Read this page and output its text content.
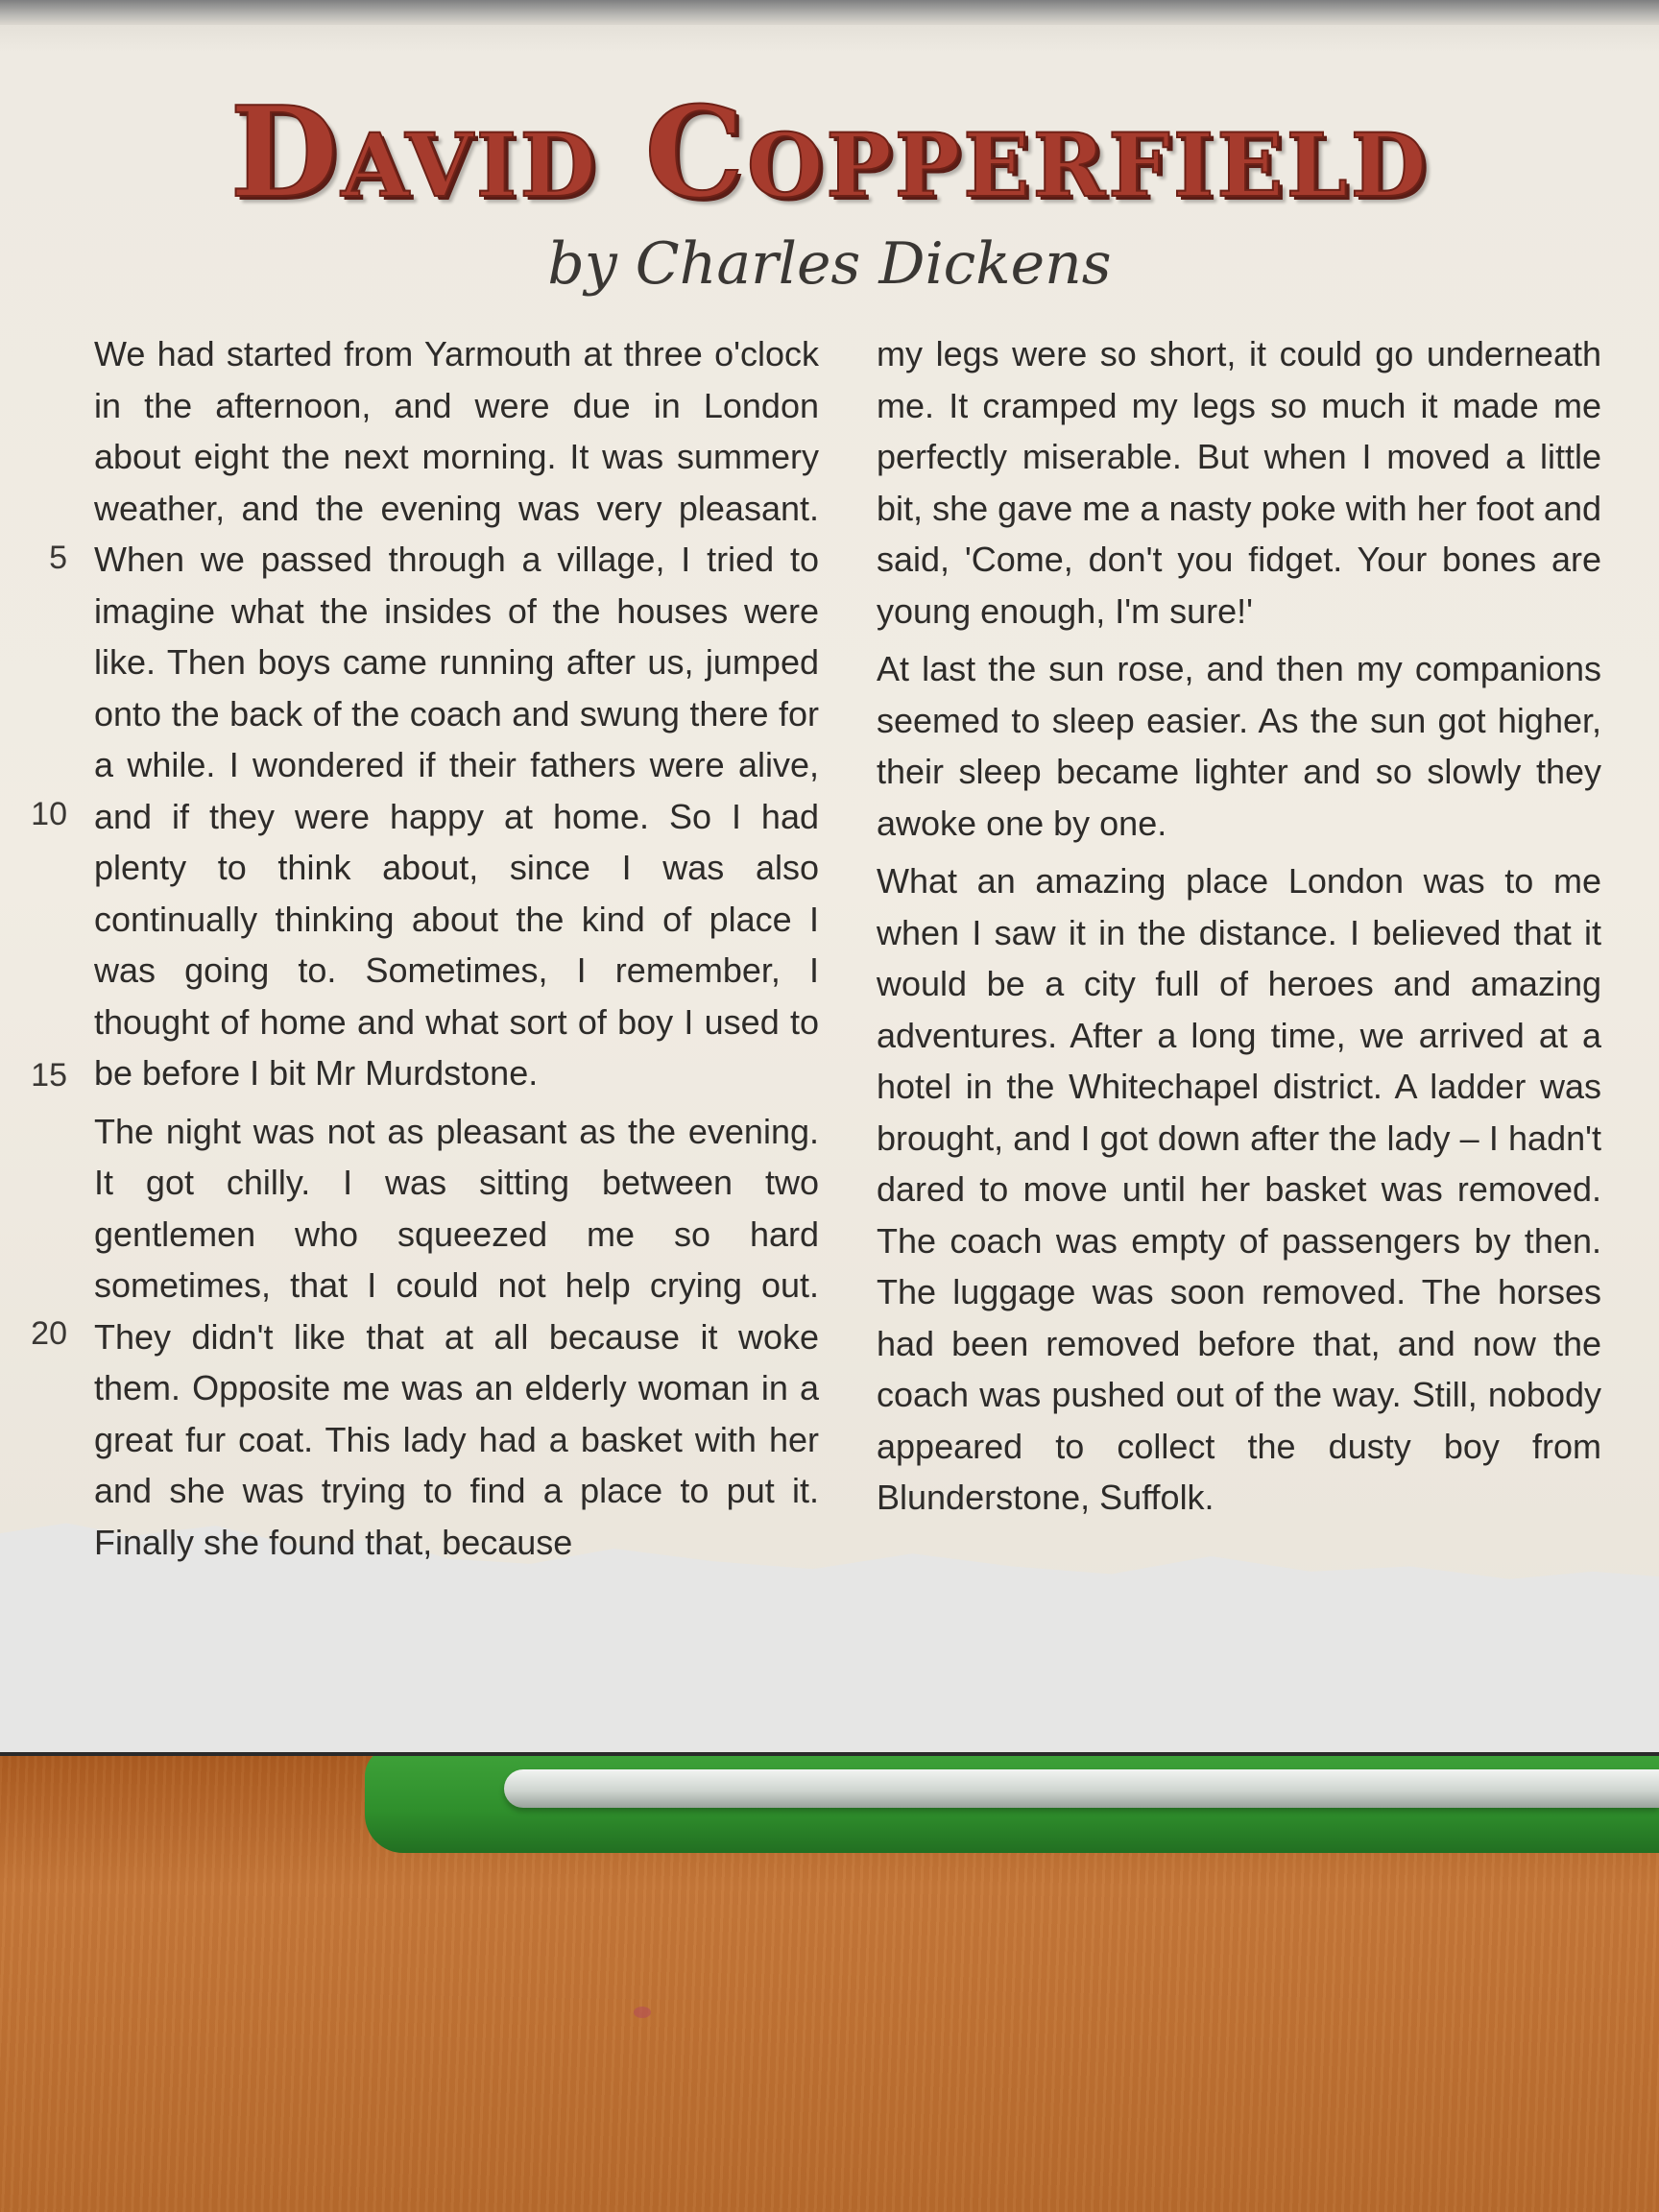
David Copperfield
by Charles Dickens
5
10
15
20

We had started from Yarmouth at three o'clock in the afternoon, and were due in London about eight the next morning. It was summery weather, and the evening was very pleasant. When we passed through a village, I tried to imagine what the insides of the houses were like. Then boys came running after us, jumped onto the back of the coach and swung there for a while. I wondered if their fathers were alive, and if they were happy at home. So I had plenty to think about, since I was also continually thinking about the kind of place I was going to. Sometimes, I remember, I thought of home and what sort of boy I used to be before I bit Mr Murdstone.

The night was not as pleasant as the evening. It got chilly. I was sitting between two gentlemen who squeezed me so hard sometimes, that I could not help crying out. They didn't like that at all because it woke them. Opposite me was an elderly woman in a great fur coat. This lady had a basket with her and she was trying to find a place to put it. Finally she found that, because

my legs were so short, it could go underneath me. It cramped my legs so much it made me perfectly miserable. But when I moved a little bit, she gave me a nasty poke with her foot and said, 'Come, don't you fidget. Your bones are young enough, I'm sure!'

At last the sun rose, and then my companions seemed to sleep easier. As the sun got higher, their sleep became lighter and so slowly they awoke one by one.

What an amazing place London was to me when I saw it in the distance. I believed that it would be a city full of heroes and amazing adventures. After a long time, we arrived at a hotel in the Whitechapel district. A ladder was brought, and I got down after the lady – I hadn't dared to move until her basket was removed. The coach was empty of passengers by then. The luggage was soon removed. The horses had been removed before that, and now the coach was pushed out of the way. Still, nobody appeared to collect the dusty boy from Blunderstone, Suffolk.
